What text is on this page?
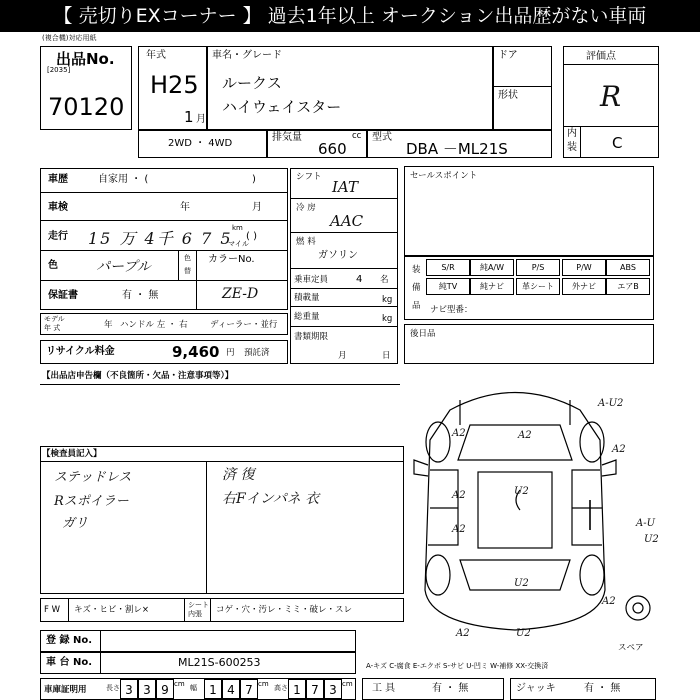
【 売切りEXコーナー 】 過去1年以上 オークション出品歴がない車両
(複合機)対応用紙
出品No.
[2035]
70120
年式
H25
1 月
車名・グレード
ルークス
ハイウェイスター
ドア
形状
評価点
R
内
装 C
2WD ・ 4WD
排気量	cc
660
型式
DBA －ML21S
車歴	自家用 ・ (	)
車検	年	月
走行 15 万 4千 6 7 5
km
マイル
( )
色	パープル
色
替
カラーNo.
保証書	有 ・ 無	ZE-D
モデル
年 式	年 ハンドル 左 ・ 右	ディーラー・並行
リサイクル料金	9,460 円 預託済
シフト
IAT
冷 房
AAC
燃 料
ガソリン
乗車定員	4 名
積載量	kg
総重量	kg
書類期限
月	日
セールスポイント
装
備
品
S/R	純A/W	P/S	P/W	ABS
純TV	純ナビ	革シート	外ナビ	エアB
ナビ型番：
後日品
【出品店申告欄（不良箇所・欠品・注意事項等）】
【検査員記入】
ステッドレス
Rスポイラー
ガリ
済 復
右Fインパネ 衣
A-U2
A2	A2
A2
A2
U2
U2
A2
A-U
U2
A2
U2
A2
スペア
F W キズ・ヒビ・割レ×	シート
内張 コゲ・穴・汚レ・ミミ・破レ・スレ
登 録 No.
車 台 No.	ML21S-600253	A-キズ C-腐食 E-エクボ S-サビ U-凹ミ W-補修 XX-交換済
車庫証明用	長さ 3 3 9 cm 幅	1 4 7 cm 高さ 1 7 3 cm 工 具	有 ・ 無	ジャッキ	有 ・ 無
